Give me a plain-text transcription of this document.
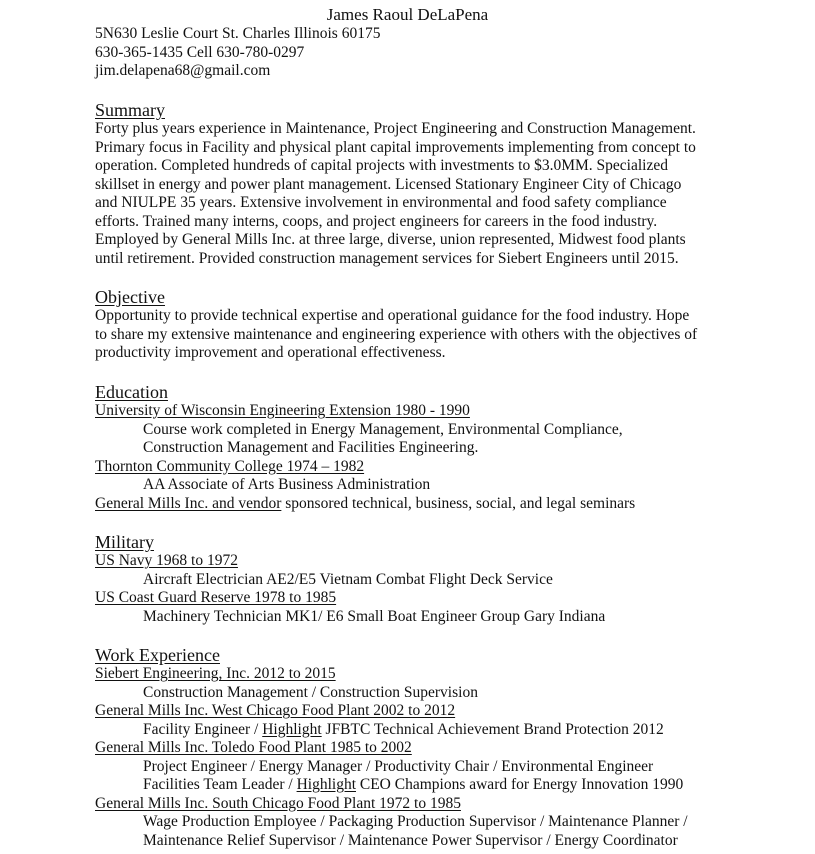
James Raoul DeLaPena
5N630 Leslie Court St. Charles Illinois 60175
630-365-1435 Cell 630-780-0297
jim.delapena68@gmail.com
Summary
Forty plus years experience in Maintenance, Project Engineering and Construction Management.
Primary focus in Facility and physical plant capital improvements implementing from concept to
operation. Completed hundreds of capital projects with investments to $3.0MM. Specialized
skillset in energy and power plant management. Licensed Stationary Engineer City of Chicago
and NIULPE 35 years. Extensive involvement in environmental and food safety compliance
efforts. Trained many interns, coops, and project engineers for careers in the food industry.
Employed by General Mills Inc. at three large, diverse, union represented, Midwest food plants
until retirement. Provided construction management services for Siebert Engineers until 2015.
Objective
Opportunity to provide technical expertise and operational guidance for the food industry. Hope
to share my extensive maintenance and engineering experience with others with the objectives of
productivity improvement and operational effectiveness.
Education
University of Wisconsin Engineering Extension 1980 - 1990
Course work completed in Energy Management, Environmental Compliance,
Construction Management and Facilities Engineering.
Thornton Community College 1974 – 1982
AA Associate of Arts Business Administration
General Mills Inc. and vendor sponsored technical, business, social, and legal seminars
Military
US Navy 1968 to 1972
Aircraft Electrician AE2/E5 Vietnam Combat Flight Deck Service
US Coast Guard Reserve 1978 to 1985
Machinery Technician MK1/ E6 Small Boat Engineer Group Gary Indiana
Work Experience
Siebert Engineering, Inc. 2012 to 2015
Construction Management / Construction Supervision
General Mills Inc. West Chicago Food Plant 2002 to 2012
Facility Engineer / Highlight JFBTC Technical Achievement Brand Protection 2012
General Mills Inc. Toledo Food Plant 1985 to 2002
Project Engineer / Energy Manager / Productivity Chair / Environmental Engineer
Facilities Team Leader / Highlight CEO Champions award for Energy Innovation 1990
General Mills Inc. South Chicago Food Plant 1972 to 1985
Wage Production Employee / Packaging Production Supervisor / Maintenance Planner /
Maintenance Relief Supervisor / Maintenance Power Supervisor / Energy Coordinator
